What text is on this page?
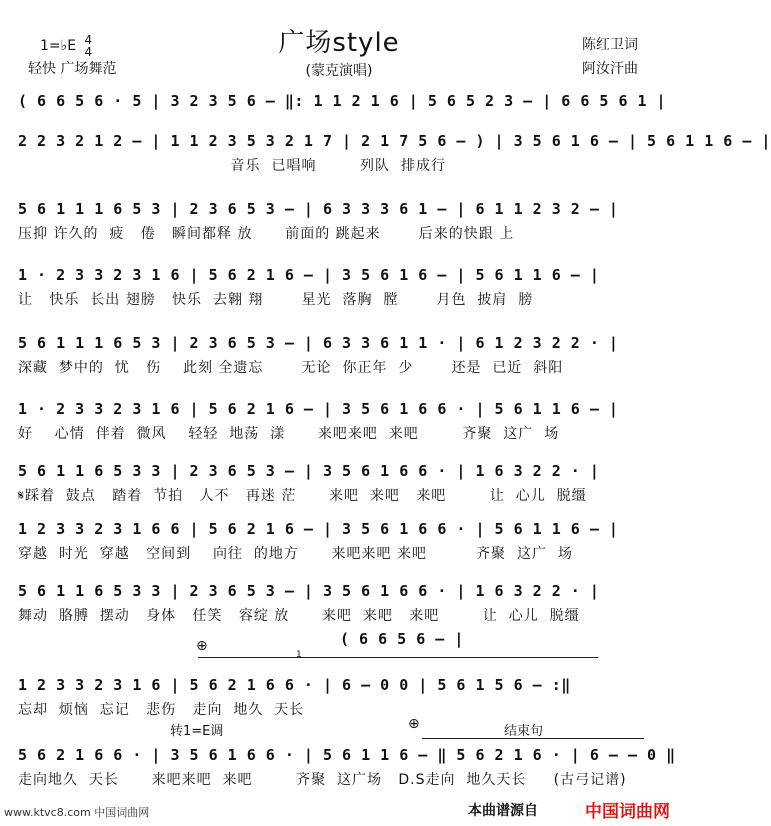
1=♭E 4
4
轻快 广场舞范
广场style
(蒙克演唱)
陈红卫词
阿汝汗曲
( 6 6 5 6 · 5 | 3 2 3 5 6 – ‖: 1 1 2 1 6 | 5 6 5 2 3 – | 6 6 5 6 1 |
2 2 3 2 1 2 – | 1 1 2 3 5 3 2 1 7 | 2 1 7 5 6 – ) | 3 5 6 1 6 – | 5 6 1 1 6 – |
音乐  已唱响        列队  排成行
5 6 1 1 1 6 5 3 | 2 3 6 5 3 – | 6 3 3 3 6 1 – | 6 1 1 2 3 2 – |
压抑 许久的  疲   倦   瞬间都释 放      前面的 跳起来       后来的快跟 上
1 · 2 3 3 2 3 1 6 | 5 6 2 1 6 – | 3 5 6 1 6 – | 5 6 1 1 6 – |
让   快乐  长出 翅膀   快乐  去翱 翔       星光  落胸  膛       月色  披肩  膀
5 6 1 1 1 6 5 3 | 2 3 6 5 3 – | 6 3 3 6 1 1 · | 6 1 2 3 2 2 · |
深藏  梦中的  忧   伤    此刻 全遗忘       无论  你正年  少       还是  已近  斜阳
1 · 2 3 3 2 3 1 6 | 5 6 2 1 6 – | 3 5 6 1 6 6 · | 5 6 1 1 6 – |
好    心情  伴着  微风    轻轻  地荡  漾      来吧来吧  来吧        齐聚  这广  场
5 6 1 1 6 5 3 3 | 2 3 6 5 3 – | 3 5 6 1 6 6 · | 1 6 3 2 2 · |
𝄋踩着  鼓点   踏着  节拍   人不   再迷 茫      来吧  来吧   来吧        让  心儿  脱缰
1 2 3 3 2 3 1 6 6 | 5 6 2 1 6 – | 3 5 6 1 6 6 · | 5 6 1 1 6 – |
穿越  时光  穿越   空间到    向往  的地方      来吧来吧 来吧         齐聚  这广  场
5 6 1 1 6 5 3 3 | 2 3 6 5 3 – | 3 5 6 1 6 6 · | 1 6 3 2 2 · |
舞动  胳膊  摆动   身体   任笑   容绽 放      来吧  来吧   来吧        让  心儿  脱缰
⊕	( 6 6 5 6 – |
1
1 2 3 3 2 3 1 6 | 5 6 2 1 6 6 · | 6 – 0 0 | 5 6 1 5 6 – :‖
忘却  烦恼  忘记   悲伤   走向  地久  天长
转1=E调	⊕	结束句
5 6 2 1 6 6 · | 3 5 6 1 6 6 · | 5 6 1 1 6 – ‖ 5 6 2 1 6 · | 6 – – 0 ‖
走向地久  天长      来吧来吧  来吧        齐聚  这广场   D.S走向  地久天长     (古弓记谱)
www.ktvc8.com 中国词曲网	本曲谱源自	中国词曲网
